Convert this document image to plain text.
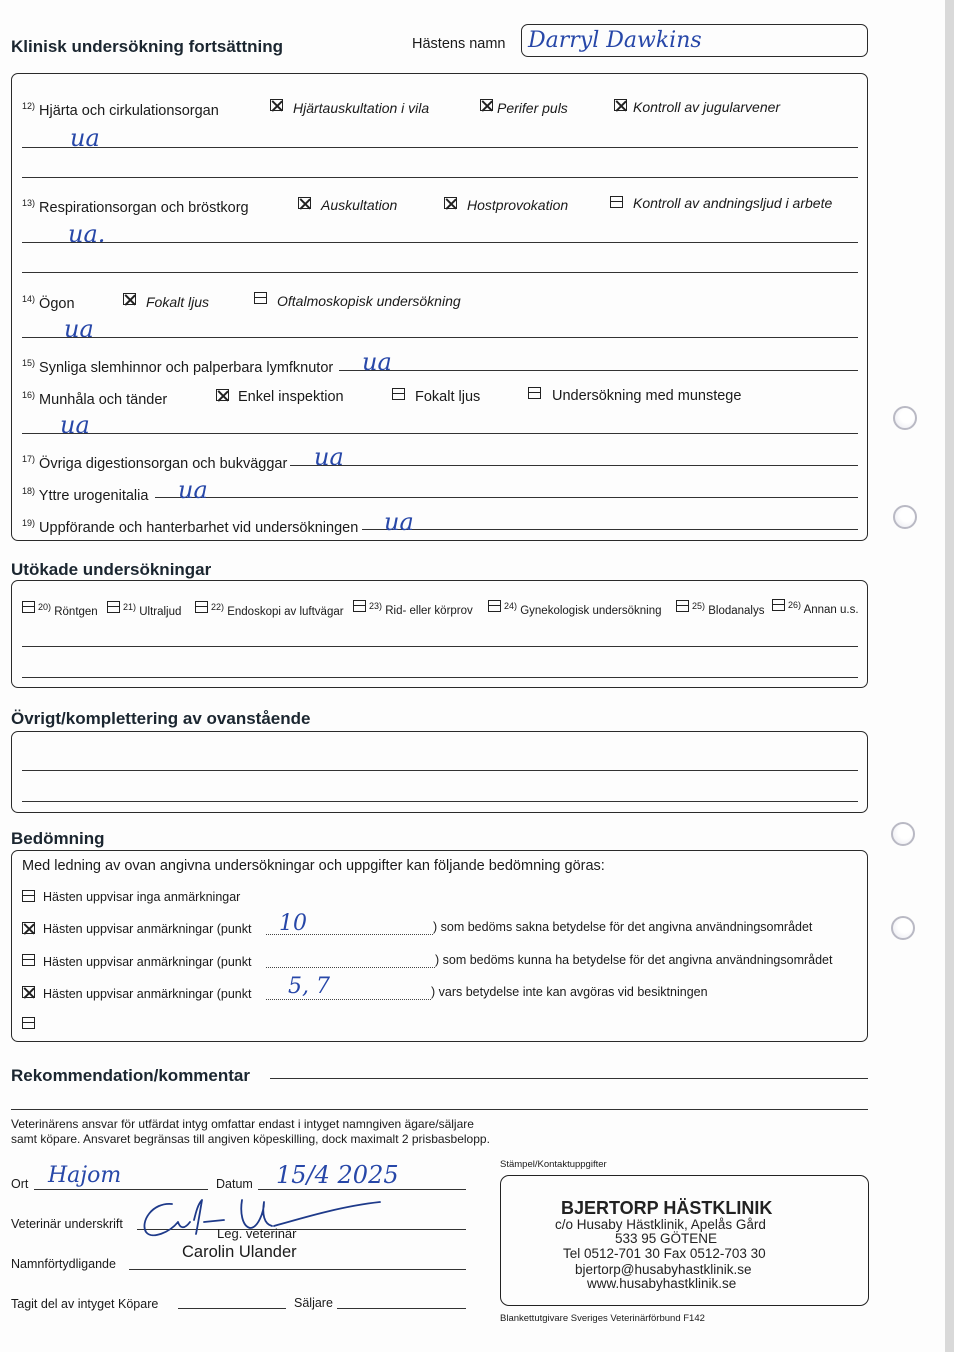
Klinisk undersökning fortsättning	Hästens namn Darryl Dawkins
$^{12)}$ Hjärta och cirkulationsorgan	Hjärtauskultation i vila	Perifer puls	Kontroll av jugularvener
ua
$^{13)}$ Respirationsorgan och bröstkorg	Auskultation	Hostprovokation	Kontroll av andningsljud i arbete
ua.
$^{14)}$ Ögon	Fokalt ljus	Oftalmoskopisk undersökning
ua
$^{15)}$ Synliga slemhinnor och palperbara lymfknutor ua
$^{16)}$ Munhåla och tänder	Enkel inspektion	Fokalt ljus	Undersökning med munstege
ua
$^{17)}$ Övriga digestionsorgan och bukväggar ua
$^{18)}$ Yttre urogenitalia ua
$^{19)}$ Uppförande och hanterbarhet vid undersökningen ua
Utökade undersökningar
$^{20)}$ Röntgen	$^{21)}$ Ultraljud	$^{22)}$ Endoskopi av luftvägar	$^{23)}$ Rid- eller körprov	$^{24)}$ Gynekologisk undersökning	$^{25)}$ Blodanalys	$^{26)}$ Annan u.s.
Övrigt/komplettering av ovanstående
Bedömning
Med ledning av ovan angivna undersökningar och uppgifter kan följande bedömning göras:
Hästen uppvisar inga anmärkningar
Hästen uppvisar anmärkningar (punkt 10	) som bedöms sakna betydelse för det angivna användningsområdet
Hästen uppvisar anmärkningar (punkt	) som bedöms kunna ha betydelse för det angivna användningsområdet
Hästen uppvisar anmärkningar (punkt 5, 7	) vars betydelse inte kan avgöras vid besiktningen
Rekommendation/kommentar
Veterinärens ansvar för utfärdat intyg omfattar endast i intyget namngiven ägare/säljare
samt köpare. Ansvaret begränsas till angiven köpeskilling, dock maximalt 2 prisbasbelopp.
Ort Hajom	Datum 15/4 2025
Veterinär underskrift
Leg. veterinär
Namnförtydligande
Carolin Ulander
Tagit del av intyget Köpare	Säljare
Stämpel/Kontaktuppgifter
BJERTORP HÄSTKLINIK
c/o Husaby Hästklinik, Apelås Gård
533 95 GÖTENE
Tel 0512-701 30 Fax 0512-703 30
bjertorp@husabyhastklinik.se
www.husabyhastklinik.se
Blankettutgivare Sveriges Veterinärförbund F142
